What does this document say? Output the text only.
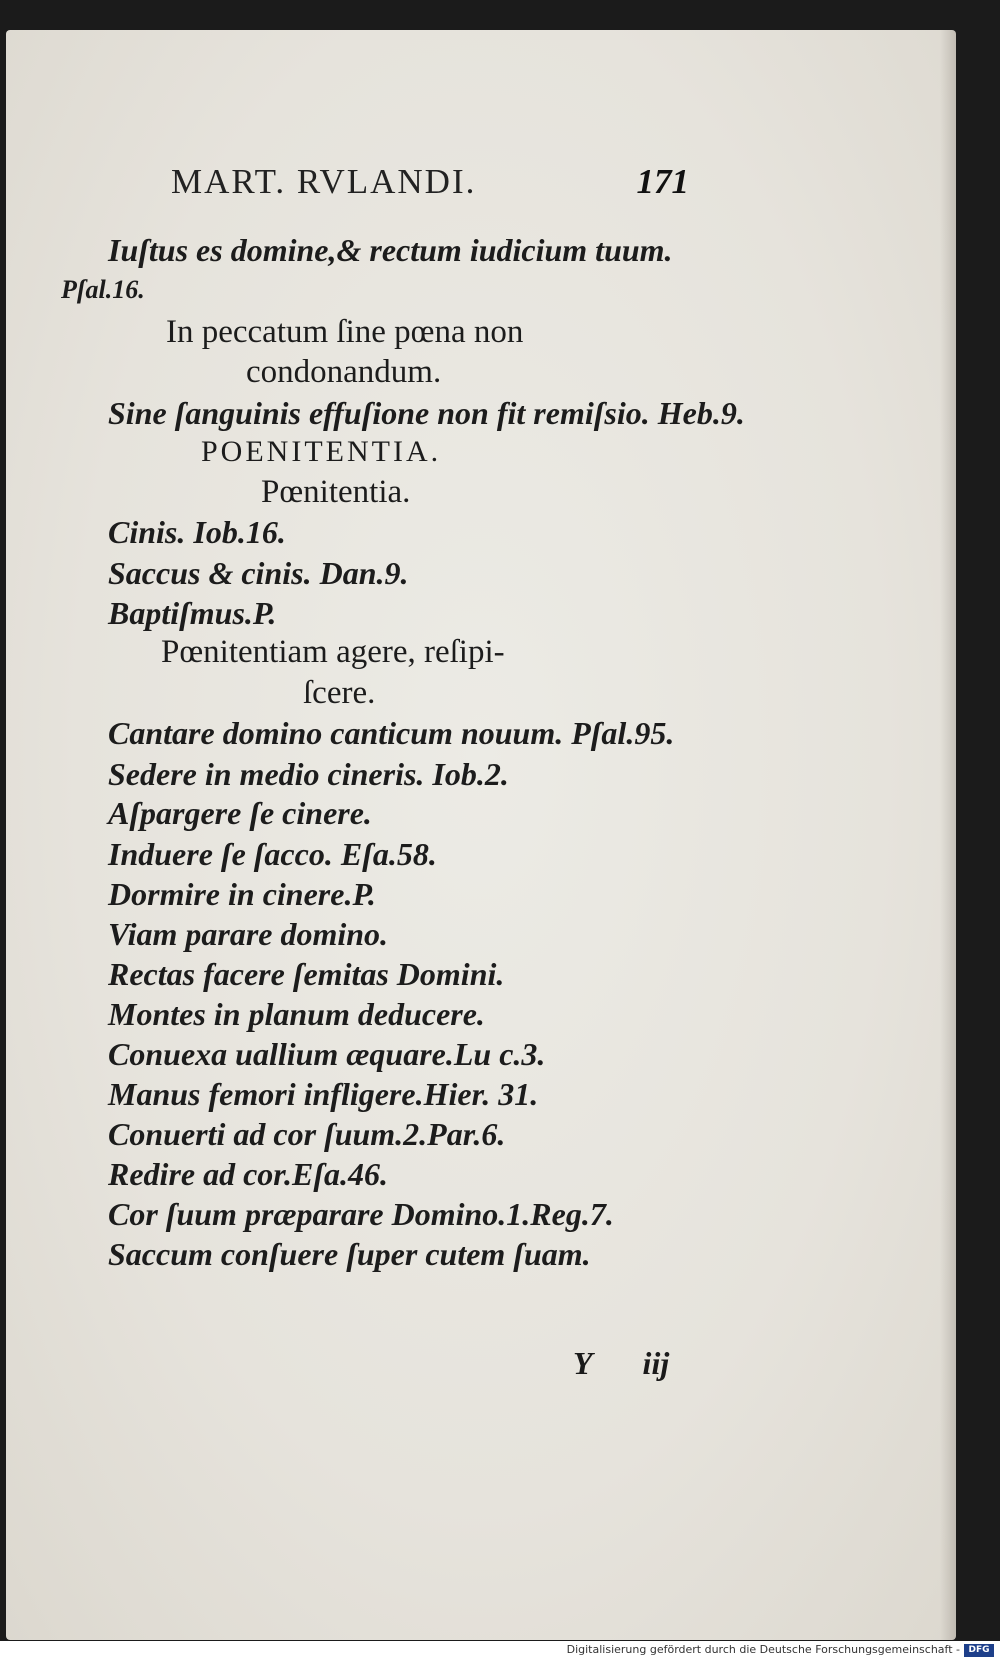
MART. RVLANDI.	171
Iuſtus es domine,& rectum iudicium tuum.
Pſal.16.
In peccatum ſine pœna non
condonandum.
Sine ſanguinis effuſione non fit remiſsio. Heb.9.
POENITENTIA.
Pœnitentia.
Cinis. Iob.16.
Saccus & cinis. Dan.9.
Baptiſmus.P.
Pœnitentiam agere, reſipi-
ſcere.
Cantare domino canticum nouum. Pſal.95.
Sedere in medio cineris. Iob.2.
Aſpargere ſe cinere.
Induere ſe ſacco. Eſa.58.
Dormire in cinere.P.
Viam parare domino.
Rectas facere ſemitas Domini.
Montes in planum deducere.
Conuexa uallium æquare.Lu c.3.
Manus femori infligere.Hier. 31.
Conuerti ad cor ſuum.2.Par.6.
Redire ad cor.Eſa.46.
Cor ſuum præparare Domino.1.Reg.7.
Saccum conſuere ſuper cutem ſuam.
Y iij
Digitalisierung gefördert durch die Deutsche Forschungsgemeinschaft - DFG
